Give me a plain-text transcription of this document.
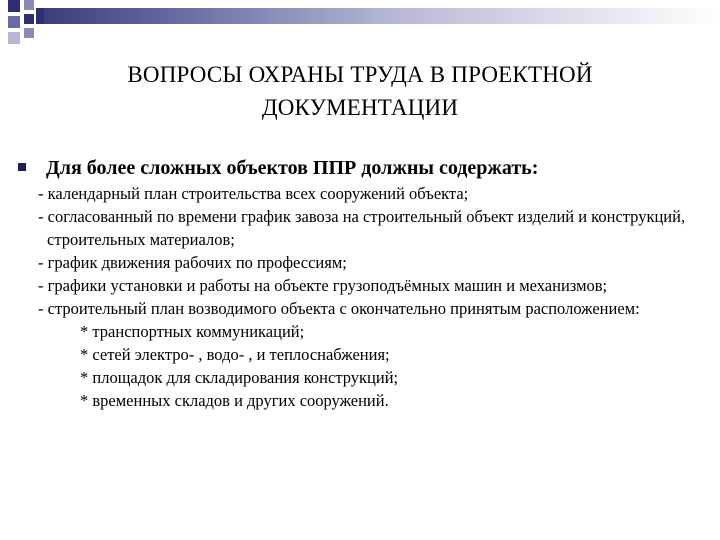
ВОПРОСЫ ОХРАНЫ ТРУДА В ПРОЕКТНОЙ
ДОКУМЕНТАЦИИ
Для более сложных объектов ППР должны содержать:
- календарный план строительства всех сооружений объекта;
- согласованный по времени график завоза на строительный объект изделий и конструкций, строительных материалов;
- график движения рабочих по профессиям;
- графики установки и работы на объекте грузоподъёмных машин и механизмов;
- строительный план возводимого объекта с окончательно принятым расположением:
* транспортных коммуникаций;
* сетей электро- , водо- , и теплоснабжения;
* площадок для складирования конструкций;
* временных складов и других сооружений.
